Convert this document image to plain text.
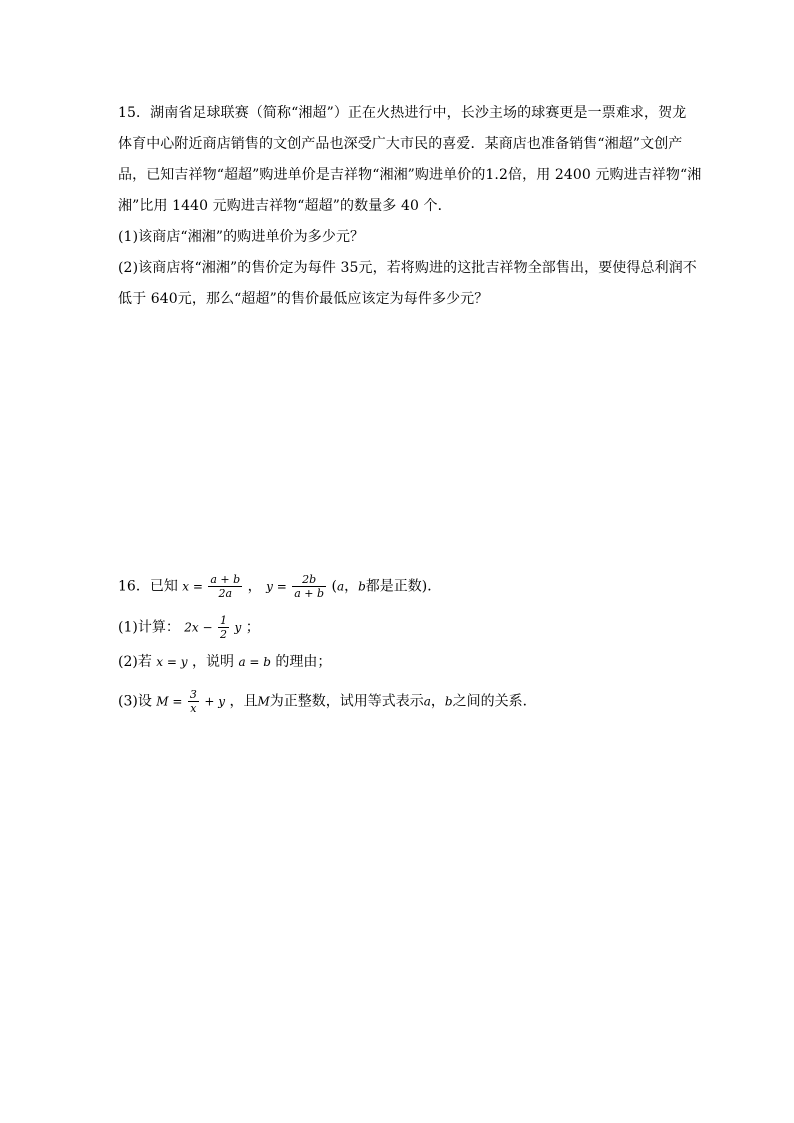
15．湖南省足球联赛（简称“湘超”）正在火热进行中，长沙主场的球赛更是一票难求，贺龙
体育中心附近商店销售的文创产品也深受广大市民的喜爱．某商店也准备销售“湘超”文创产
品，已知吉祥物“超超”购进单价是吉祥物“湘湘”购进单价的1.2倍，用 2400 元购进吉祥物“湘
湘”比用 1440 元购进吉祥物“超超”的数量多 40 个．
(1)该商店“湘湘”的购进单价为多少元？
(2)该商店将“湘湘”的售价定为每件 35元，若将购进的这批吉祥物全部售出，要使得总利润不
低于 640元，那么“超超”的售价最低应该定为每件多少元？
16．已知 $x = \frac{a + b}{2a}$ ， $y = \frac{2b}{a + b} (a$，b都是正数)．
(1)计算： $2x - \frac{1}{2}$ y ；
(2)若 x = y ，说明 a = b 的理由；
(3)设 $M = \frac{3}{x} + y$ ，且M为正整数，试用等式表示a，b之间的关系．
